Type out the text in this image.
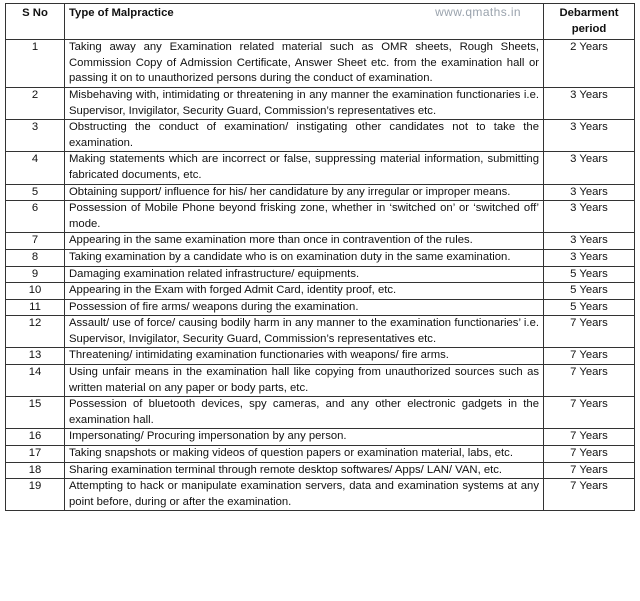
S No	Type of Malpractice www.qmaths.in	Debarment period
1	Taking away any Examination related material such as OMR sheets, Rough Sheets, Commission Copy of Admission Certificate, Answer Sheet etc. from the examination hall or passing it on to unauthorized persons during the conduct of examination.	2 Years
2	Misbehaving with, intimidating or threatening in any manner the examination functionaries i.e. Supervisor, Invigilator, Security Guard, Commission’s representatives etc.	3 Years
3	Obstructing the conduct of examination/ instigating other candidates not to take the examination.	3 Years
4	Making statements which are incorrect or false, suppressing material information, submitting fabricated documents, etc.	3 Years
5	Obtaining support/ influence for his/ her candidature by any irregular or improper means.	3 Years
6	Possession of Mobile Phone beyond frisking zone, whether in ‘switched on’ or ‘switched off’ mode.	3 Years
7	Appearing in the same examination more than once in contravention of the rules.	3 Years
8	Taking examination by a candidate who is on examination duty in the same examination.	3 Years
9	Damaging examination related infrastructure/ equipments.	5 Years
10	Appearing in the Exam with forged Admit Card, identity proof, etc.	5 Years
11	Possession of fire arms/ weapons during the examination.	5 Years
12	Assault/ use of force/ causing bodily harm in any manner to the examination functionaries’ i.e. Supervisor, Invigilator, Security Guard, Commission’s representatives etc.	7 Years
13	Threatening/ intimidating examination functionaries with weapons/ fire arms.	7 Years
14	Using unfair means in the examination hall like copying from unauthorized sources such as written material on any paper or body parts, etc.	7 Years
15	Possession of bluetooth devices, spy cameras, and any other electronic gadgets in the examination hall.	7 Years
16	Impersonating/ Procuring impersonation by any person.	7 Years
17	Taking snapshots or making videos of question papers or examination material, labs, etc.	7 Years
18	Sharing examination terminal through remote desktop softwares/ Apps/ LAN/ VAN, etc.	7 Years
19	Attempting to hack or manipulate examination servers, data and examination systems at any point before, during or after the examination.	7 Years
